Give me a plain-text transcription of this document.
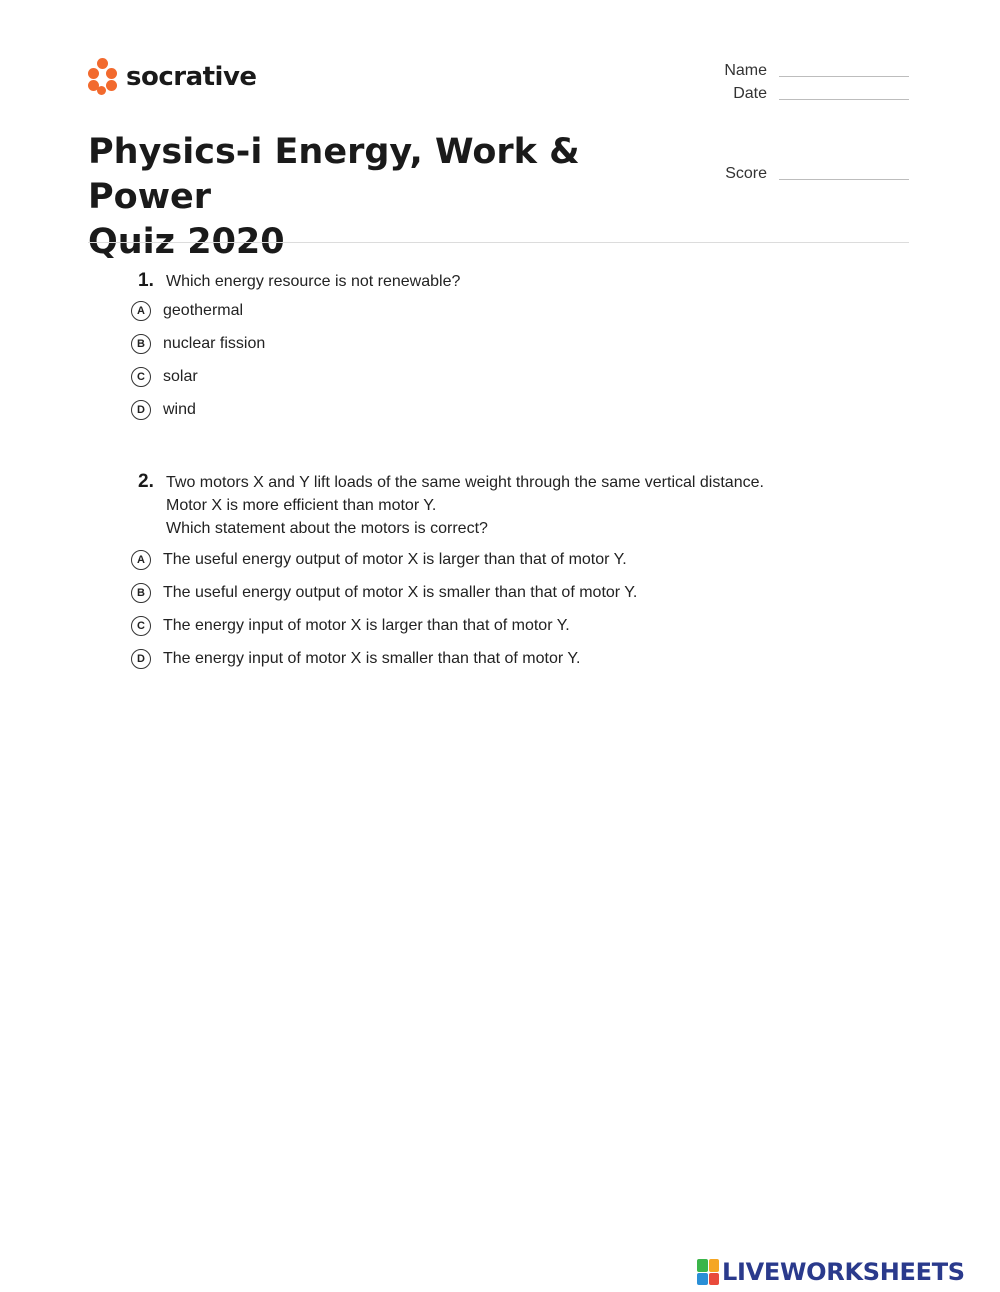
socrative	Name
Date
Score
Physics-i Energy, Work & Power
Quiz 2020
1. Which energy resource is not renewable?
A	geothermal
B	nuclear fission
C	solar
D	wind
2. Two motors X and Y lift loads of the same weight through the same vertical distance.
Motor X is more efficient than motor Y.
Which statement about the motors is correct?
A	The useful energy output of motor X is larger than that of motor Y.
B	The useful energy output of motor X is smaller than that of motor Y.
C	The energy input of motor X is larger than that of motor Y.
D	The energy input of motor X is smaller than that of motor Y.
LIVEWORKSHEETS
